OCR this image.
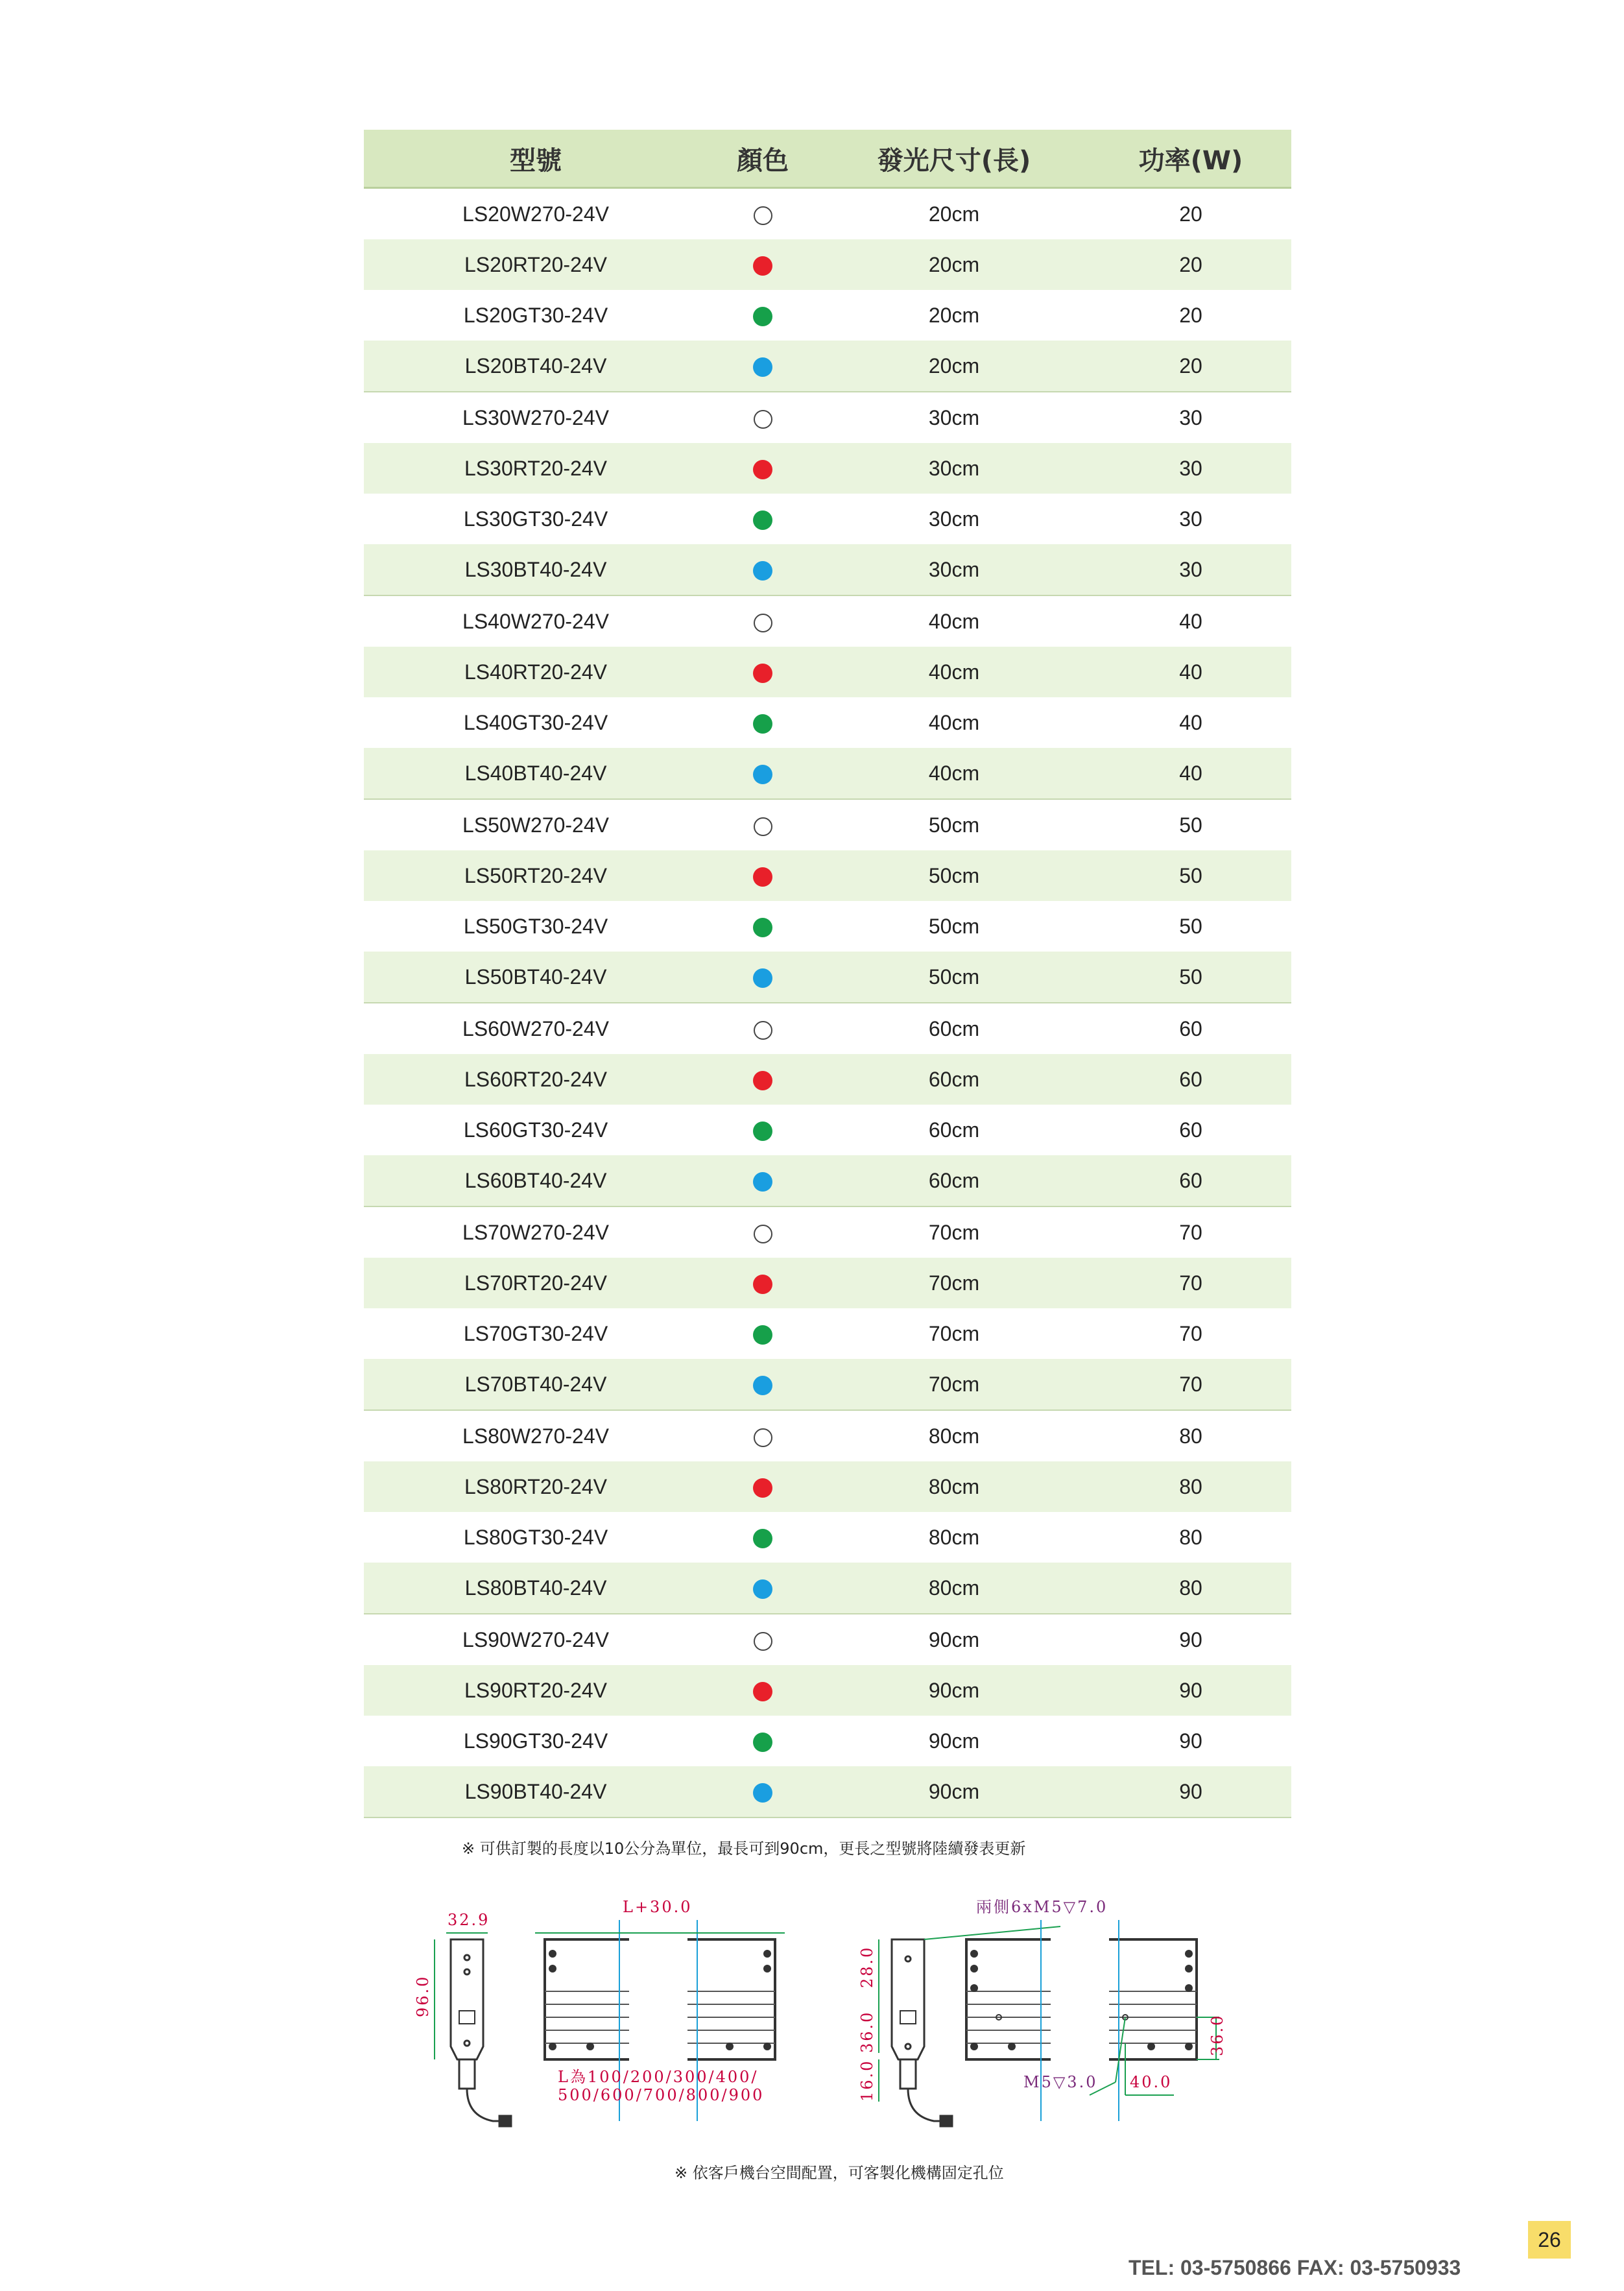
型號	顏色	發光尺寸(長)	功率(W)
LS20W270-24V		20cm	20
LS20RT20-24V		20cm	20
LS20GT30-24V		20cm	20
LS20BT40-24V		20cm	20
LS30W270-24V		30cm	30
LS30RT20-24V		30cm	30
LS30GT30-24V		30cm	30
LS30BT40-24V		30cm	30
LS40W270-24V		40cm	40
LS40RT20-24V		40cm	40
LS40GT30-24V		40cm	40
LS40BT40-24V		40cm	40
LS50W270-24V		50cm	50
LS50RT20-24V		50cm	50
LS50GT30-24V		50cm	50
LS50BT40-24V		50cm	50
LS60W270-24V		60cm	60
LS60RT20-24V		60cm	60
LS60GT30-24V		60cm	60
LS60BT40-24V		60cm	60
LS70W270-24V		70cm	70
LS70RT20-24V		70cm	70
LS70GT30-24V		70cm	70
LS70BT40-24V		70cm	70
LS80W270-24V		80cm	80
LS80RT20-24V		80cm	80
LS80GT30-24V		80cm	80
LS80BT40-24V		80cm	80
LS90W270-24V		90cm	90
LS90RT20-24V		90cm	90
LS90GT30-24V		90cm	90
LS90BT40-24V		90cm	90
※ 可供訂製的長度以10公分為單位，最長可到90cm，更長之型號將陸續發表更新
32.9
96.0
L+30.0
L為100/200/300/400/
500/600/700/800/900
28.0
36.0
16.0
兩側6xM5▽7.0
M5▽3.0
36.0
40.0
※ 依客戶機台空間配置，可客製化機構固定孔位
26
TEL: 03-5750866 FAX: 03-5750933
